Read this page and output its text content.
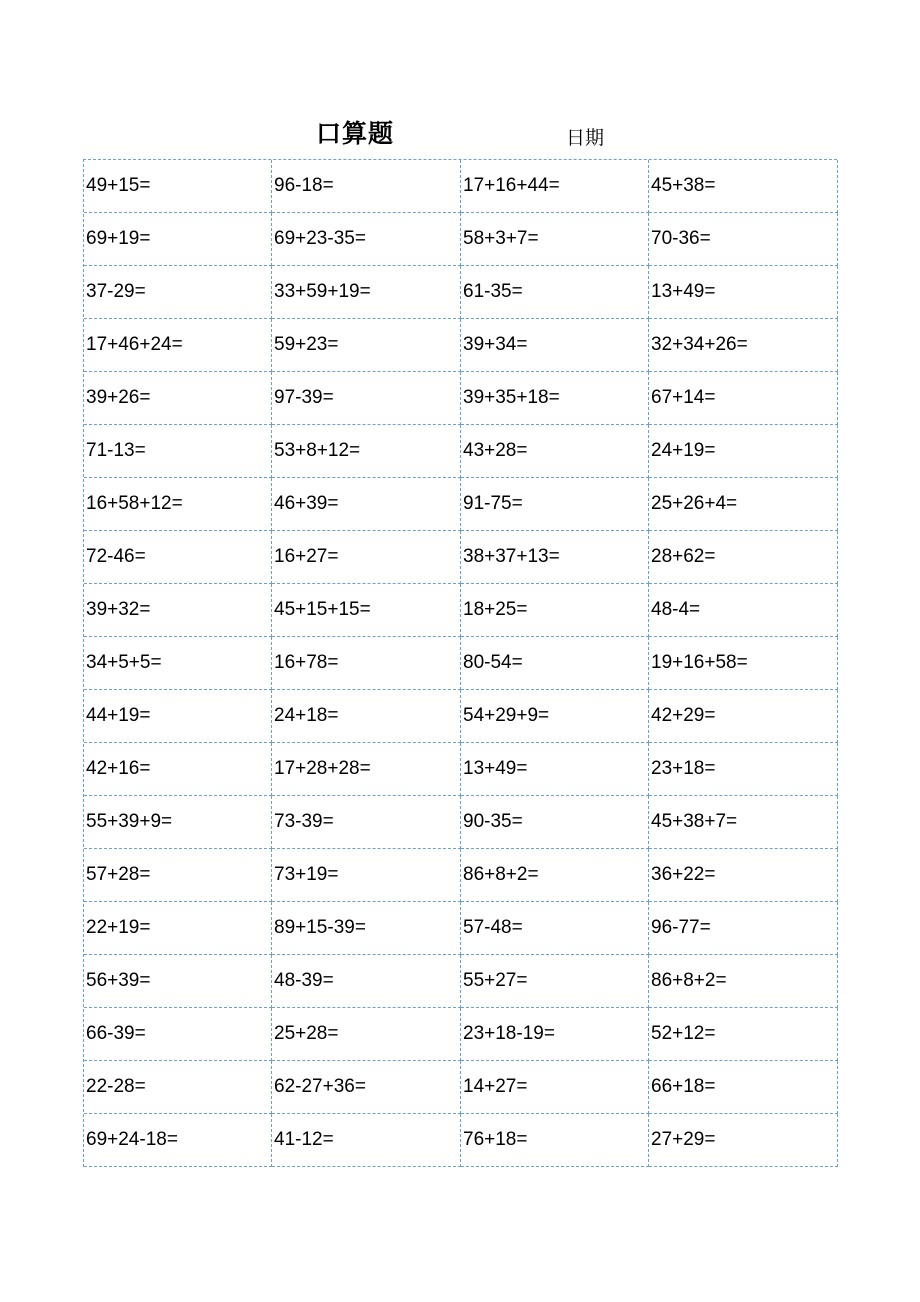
口算题	日期
49+15=	96-18=	17+16+44=	45+38=
69+19=	69+23-35=	58+3+7=	70-36=
37-29=	33+59+19=	61-35=	13+49=
17+46+24=	59+23=	39+34=	32+34+26=
39+26=	97-39=	39+35+18=	67+14=
71-13=	53+8+12=	43+28=	24+19=
16+58+12=	46+39=	91-75=	25+26+4=
72-46=	16+27=	38+37+13=	28+62=
39+32=	45+15+15=	18+25=	48-4=
34+5+5=	16+78=	80-54=	19+16+58=
44+19=	24+18=	54+29+9=	42+29=
42+16=	17+28+28=	13+49=	23+18=
55+39+9=	73-39=	90-35=	45+38+7=
57+28=	73+19=	86+8+2=	36+22=
22+19=	89+15-39=	57-48=	96-77=
56+39=	48-39=	55+27=	86+8+2=
66-39=	25+28=	23+18-19=	52+12=
22-28=	62-27+36=	14+27=	66+18=
69+24-18=	41-12=	76+18=	27+29=
